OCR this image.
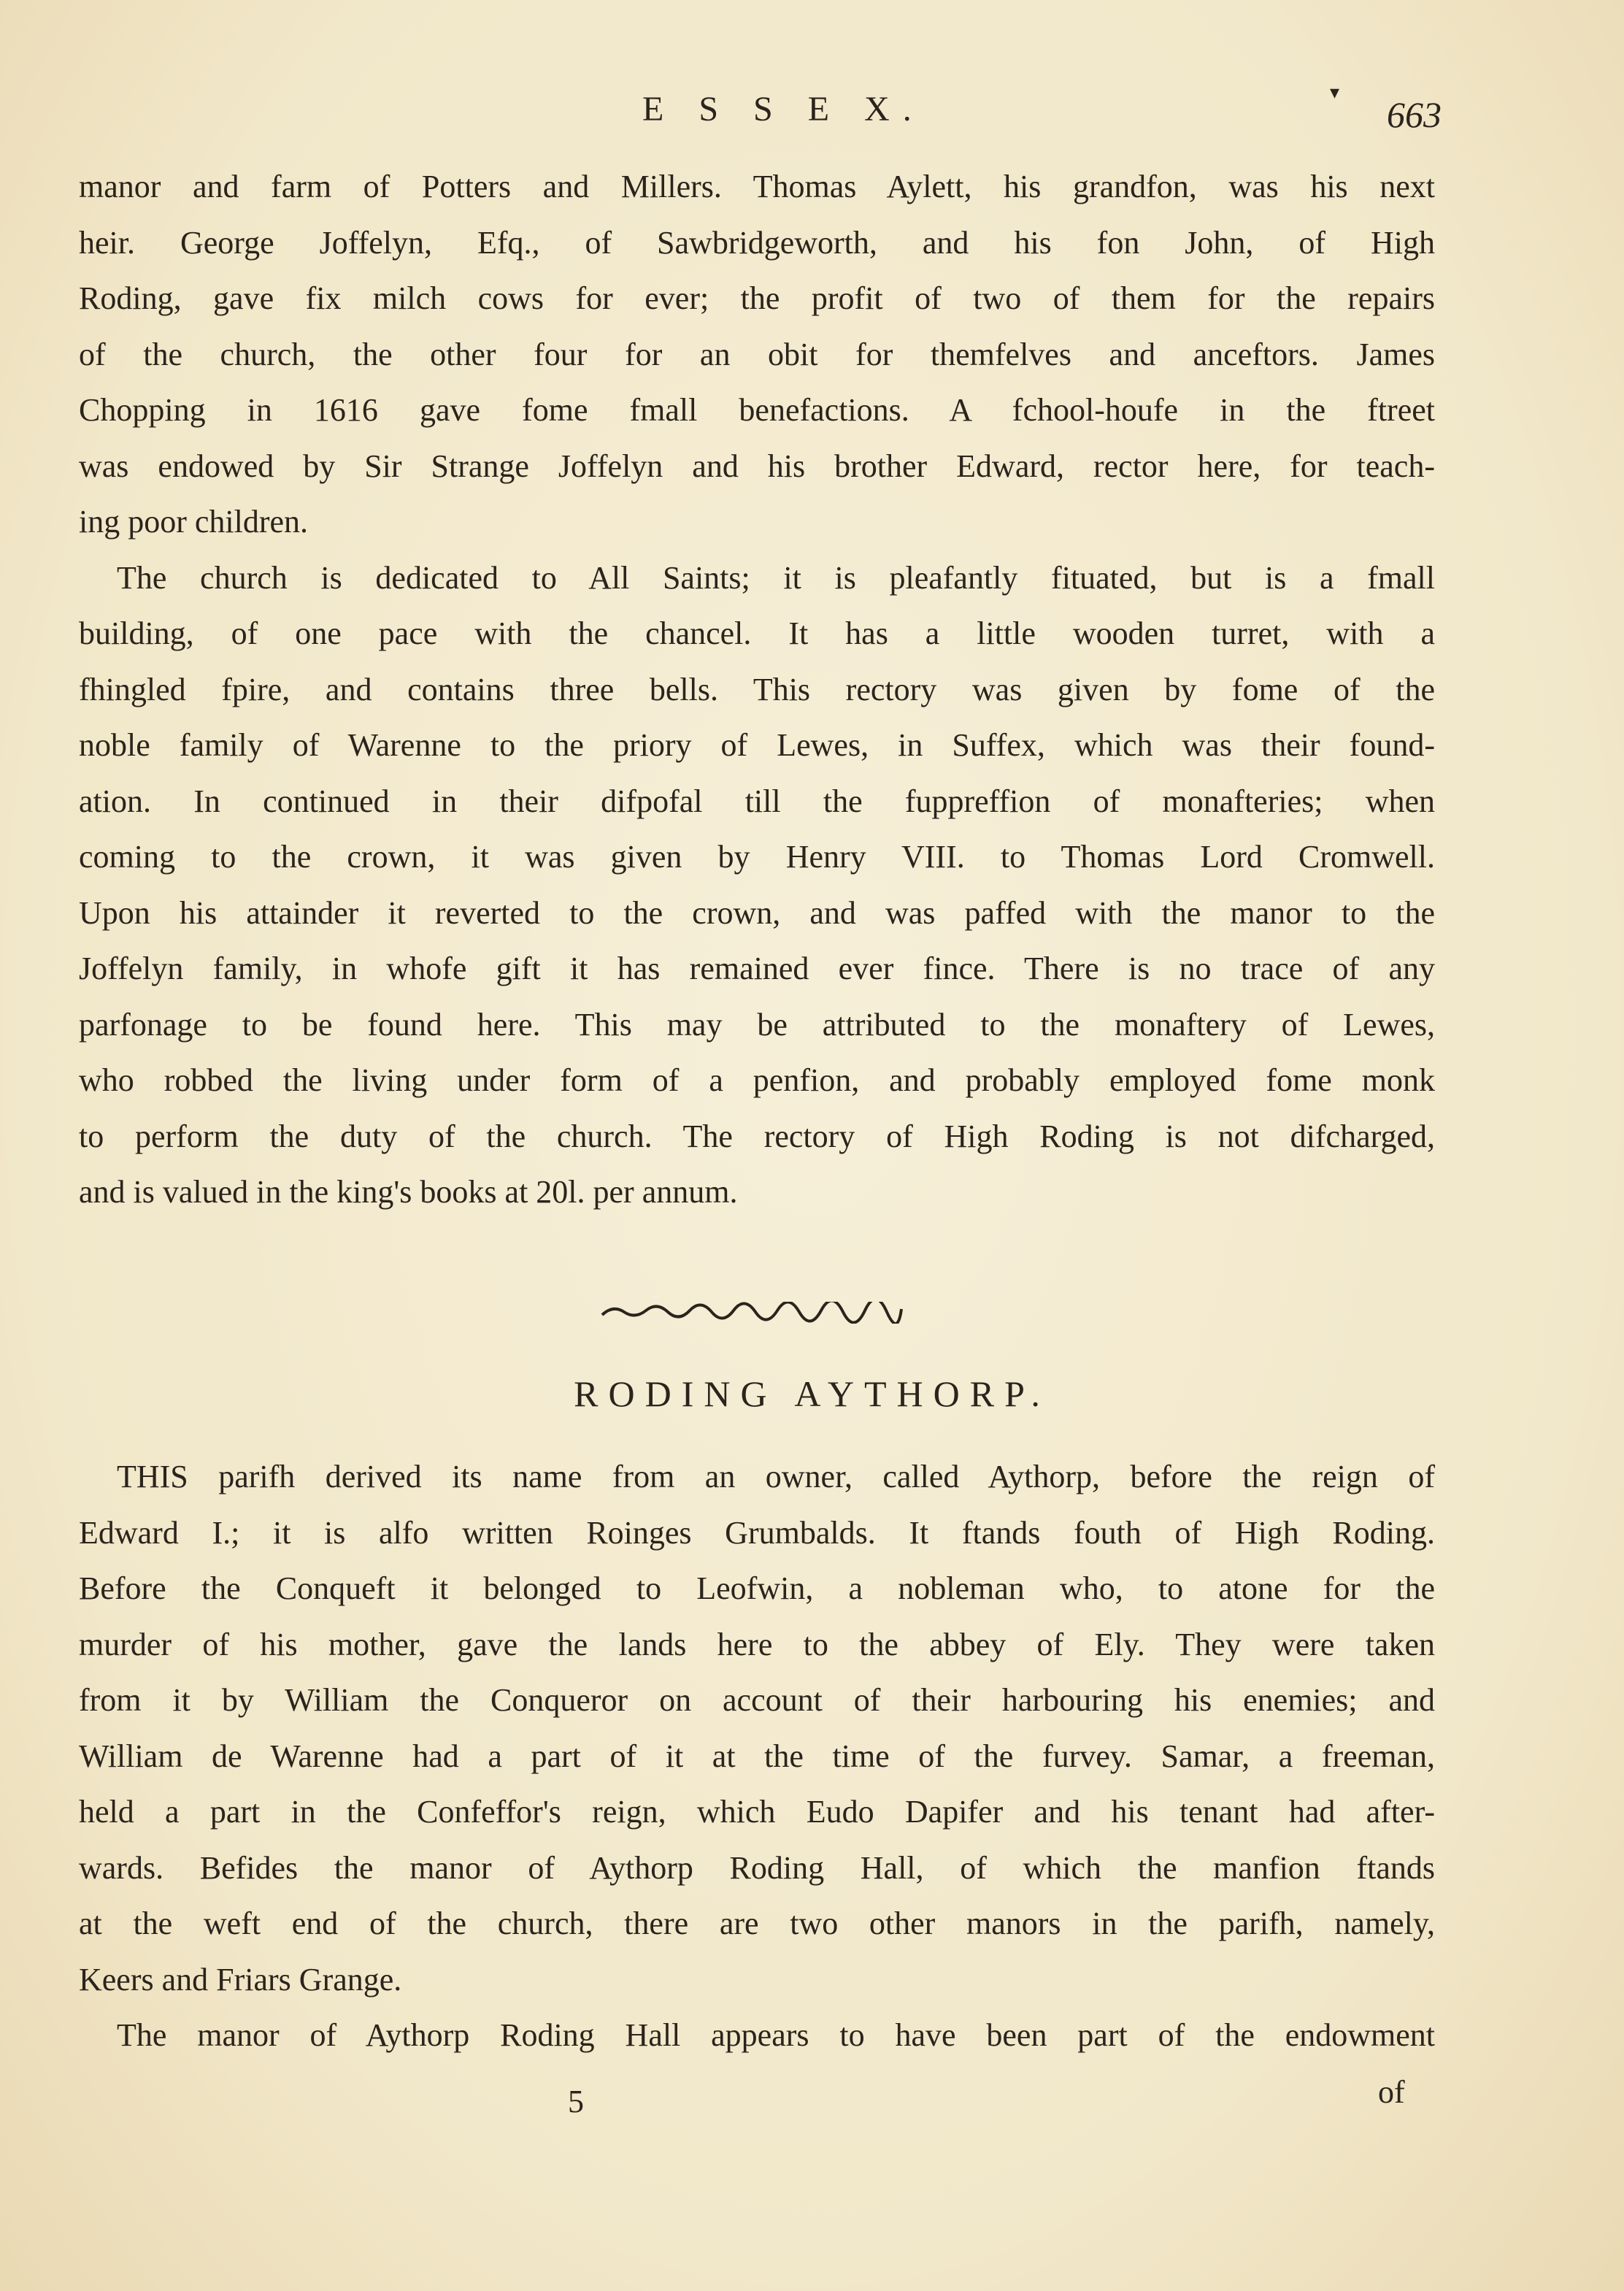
E S S E X.	▾
663
manor and farm of Potters and Millers. Thomas Aylett, his grandfon, was his next
heir. George Joffelyn, Efq., of Sawbridgeworth, and his fon John, of High
Roding, gave fix milch cows for ever; the profit of two of them for the repairs
of the church, the other four for an obit for themfelves and anceftors. James
Chopping in 1616 gave fome fmall benefactions. A fchool-houfe in the ftreet
was endowed by Sir Strange Joffelyn and his brother Edward, rector here, for teach-
ing poor children.
The church is dedicated to All Saints; it is pleafantly fituated, but is a fmall
building, of one pace with the chancel. It has a little wooden turret, with a
fhingled fpire, and contains three bells. This rectory was given by fome of the
noble family of Warenne to the priory of Lewes, in Suffex, which was their found-
ation. In continued in their difpofal till the fuppreffion of monafteries; when
coming to the crown, it was given by Henry VIII. to Thomas Lord Cromwell.
Upon his attainder it reverted to the crown, and was paffed with the manor to the
Joffelyn family, in whofe gift it has remained ever fince. There is no trace of any
parfonage to be found here. This may be attributed to the monaftery of Lewes,
who robbed the living under form of a penfion, and probably employed fome monk
to perform the duty of the church. The rectory of High Roding is not difcharged,
and is valued in the king's books at 20l. per annum.
RODING AYTHORP.
THIS parifh derived its name from an owner, called Aythorp, before the reign of
Edward I.; it is alfo written Roinges Grumbalds. It ftands fouth of High Roding.
Before the Conqueft it belonged to Leofwin, a nobleman who, to atone for the
murder of his mother, gave the lands here to the abbey of Ely. They were taken
from it by William the Conqueror on account of their harbouring his enemies; and
William de Warenne had a part of it at the time of the furvey. Samar, a freeman,
held a part in the Confeffor's reign, which Eudo Dapifer and his tenant had after-
wards. Befides the manor of Aythorp Roding Hall, of which the manfion ftands
at the weft end of the church, there are two other manors in the parifh, namely,
Keers and Friars Grange.
The manor of Aythorp Roding Hall appears to have been part of the endowment
5	of
